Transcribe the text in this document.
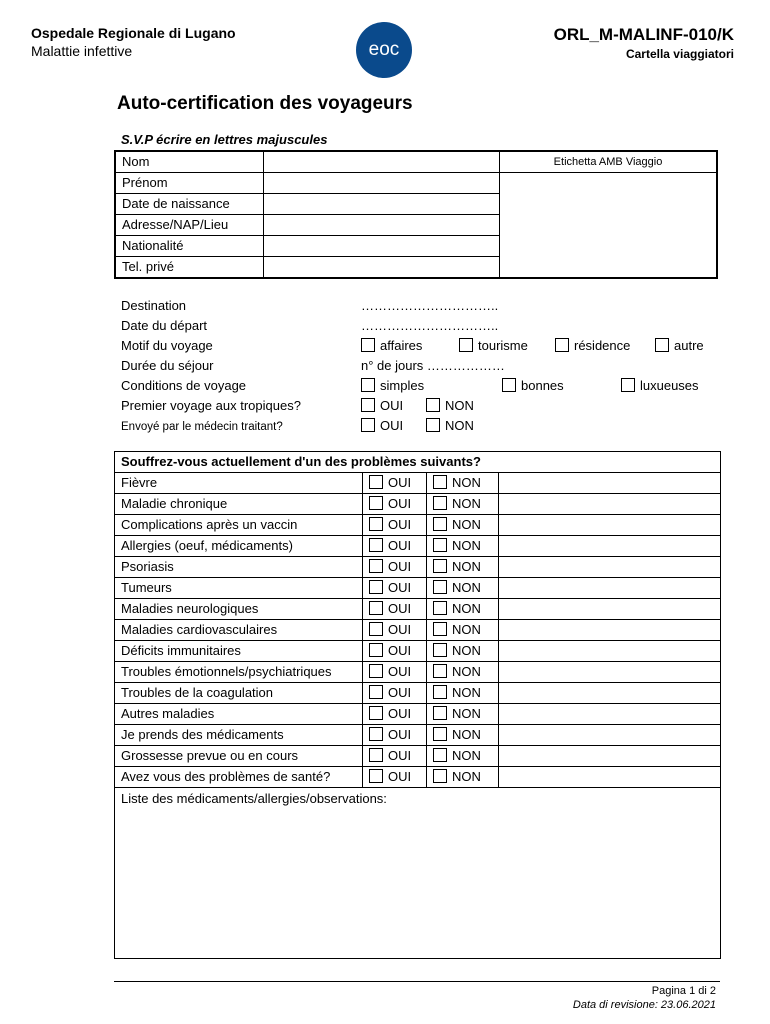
Ospedale Regionale di Lugano
Malattie infettive	eoc
ORL_M-MALINF-010/K
Cartella viaggiatori
Auto-certification des voyageurs
S.V.P écrire en lettres majuscules
Nom		Etichetta AMB Viaggio

Prénom		
Date de naissance		
Adresse/NAP/Lieu		
Nationalité		
Tel. privé		
Destination	…………………………..
Date du départ	…………………………..
Motif du voyage	affaires	tourisme	résidence	autre
Durée du séjour	n° de jours ………………
Conditions de voyage	simples	bonnes	luxueuses
Premier voyage aux tropiques?	OUI	NON
Envoyé par le médecin traitant?	OUI	NON
Souffrez-vous actuellement d'un des problèmes suivants?			
Fièvre	OUI	NON	
Maladie chronique	OUI	NON	
Complications après un vaccin	OUI	NON	
Allergies (oeuf, médicaments)	OUI	NON	
Psoriasis	OUI	NON	
Tumeurs	OUI	NON	
Maladies neurologiques	OUI	NON	
Maladies cardiovasculaires	OUI	NON	
Déficits immunitaires	OUI	NON	
Troubles émotionnels/psychiatriques	OUI	NON	
Troubles de la coagulation	OUI	NON	
Autres maladies	OUI	NON	
Je prends des médicaments	OUI	NON	
Grossesse prevue ou en cours	OUI	NON	
Avez vous des problèmes de santé?	OUI	NON	
Liste des médicaments/allergies/observations:			
Pagina 1 di 2
Data di revisione: 23.06.2021
